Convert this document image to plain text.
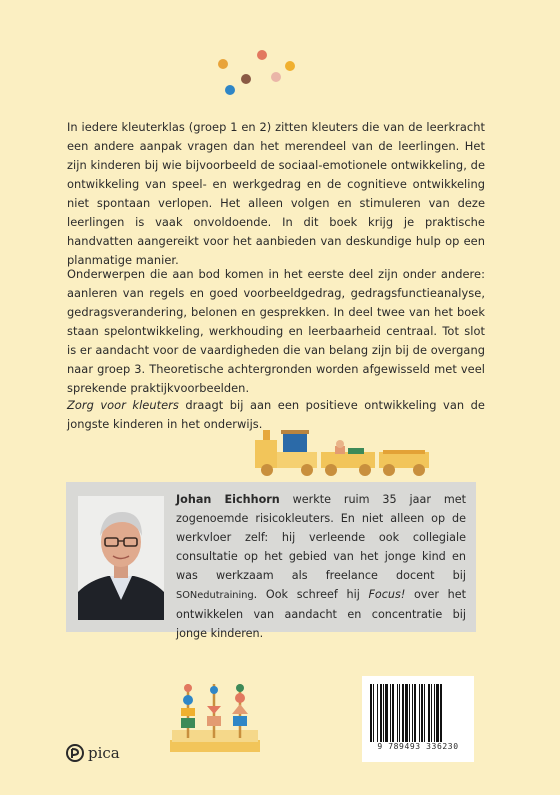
In iedere kleuterklas (groep 1 en 2) zitten kleuters die van de leerkracht een andere aanpak vragen dan het merendeel van de leerlingen. Het zijn kinderen bij wie bijvoorbeeld de sociaal-emotionele ontwikkeling, de ontwikkeling van speel- en werkgedrag en de cognitieve ontwikkeling niet spontaan verlopen. Het alleen volgen en stimuleren van deze leerlingen is vaak onvoldoende. In dit boek krijg je praktische handvatten aangereikt voor het aanbieden van deskundige hulp op een planmatige manier.

Onderwerpen die aan bod komen in het eerste deel zijn onder andere: aanleren van regels en goed voorbeeldgedrag, gedragsfunctieanalyse, gedragsverandering, belonen en gesprekken. In deel twee van het boek staan spelontwikkeling, werkhouding en leerbaarheid centraal. Tot slot is er aandacht voor de vaardigheden die van belang zijn bij de overgang naar groep 3. Theoretische achtergronden worden afgewisseld met veel sprekende praktijkvoorbeelden.

Zorg voor kleuters draagt bij aan een positieve ontwikkeling van de jongste kinderen in het onderwijs.

Johan Eichhorn werkte ruim 35 jaar met zogenoemde risicokleuters. En niet alleen op de werkvloer zelf: hij verleende ook collegiale consultatie op het gebied van het jonge kind en was werkzaam als freelance docent bij SONedutraining. Ook schreef hij Focus! over het ontwikkelen van aandacht en concentratie bij jonge kinderen.

pica	9 789493 336230
